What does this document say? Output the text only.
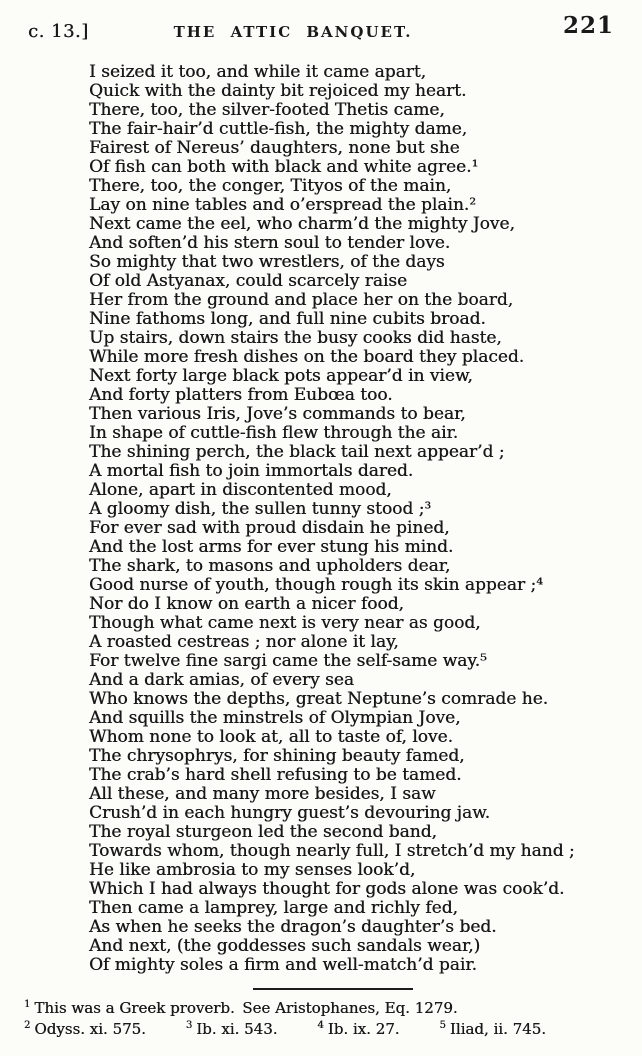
c. 13.]	THE ATTIC BANQUET.	221
I seized it too, and while it came apart,
Quick with the dainty bit rejoiced my heart.
There, too, the silver-footed Thetis came,
The fair-hair’d cuttle-fish, the mighty dame,
Fairest of Nereus’ daughters, none but she
Of fish can both with black and white agree.¹
There, too, the conger, Tityos of the main,
Lay on nine tables and o’erspread the plain.²
Next came the eel, who charm’d the mighty Jove,
And soften’d his stern soul to tender love.
So mighty that two wrestlers, of the days
Of old Astyanax, could scarcely raise
Her from the ground and place her on the board,
Nine fathoms long, and full nine cubits broad.
Up stairs, down stairs the busy cooks did haste,
While more fresh dishes on the board they placed.
Next forty large black pots appear’d in view,
And forty platters from Eubœa too.
Then various Iris, Jove’s commands to bear,
In shape of cuttle-fish flew through the air.
The shining perch, the black tail next appear’d ;
A mortal fish to join immortals dared.
Alone, apart in discontented mood,
A gloomy dish, the sullen tunny stood ;³
For ever sad with proud disdain he pined,
And the lost arms for ever stung his mind.
The shark, to masons and upholders dear,
Good nurse of youth, though rough its skin appear ;⁴
Nor do I know on earth a nicer food,
Though what came next is very near as good,
A roasted cestreas ; nor alone it lay,
For twelve fine sargi came the self-same way.⁵
And a dark amias, of every sea
Who knows the depths, great Neptune’s comrade he.
And squills the minstrels of Olympian Jove,
Whom none to look at, all to taste of, love.
The chrysophrys, for shining beauty famed,
The crab’s hard shell refusing to be tamed.
All these, and many more besides, I saw
Crush’d in each hungry guest’s devouring jaw.
The royal sturgeon led the second band,
Towards whom, though nearly full, I stretch’d my hand ;
He like ambrosia to my senses look’d,
Which I had always thought for gods alone was cook’d.
Then came a lamprey, large and richly fed,
As when he seeks the dragon’s daughter’s bed.
And next, (the goddesses such sandals wear,)
Of mighty soles a firm and well-match’d pair.
$^1$ This was a Greek proverb. See Aristophanes, Eq. 1279.
$^2$ Odyss. xi. 575.	$^3$ Ib. xi. 543.	$^4$ Ib. ix. 27.	$^5$ Iliad, ii. 745.
